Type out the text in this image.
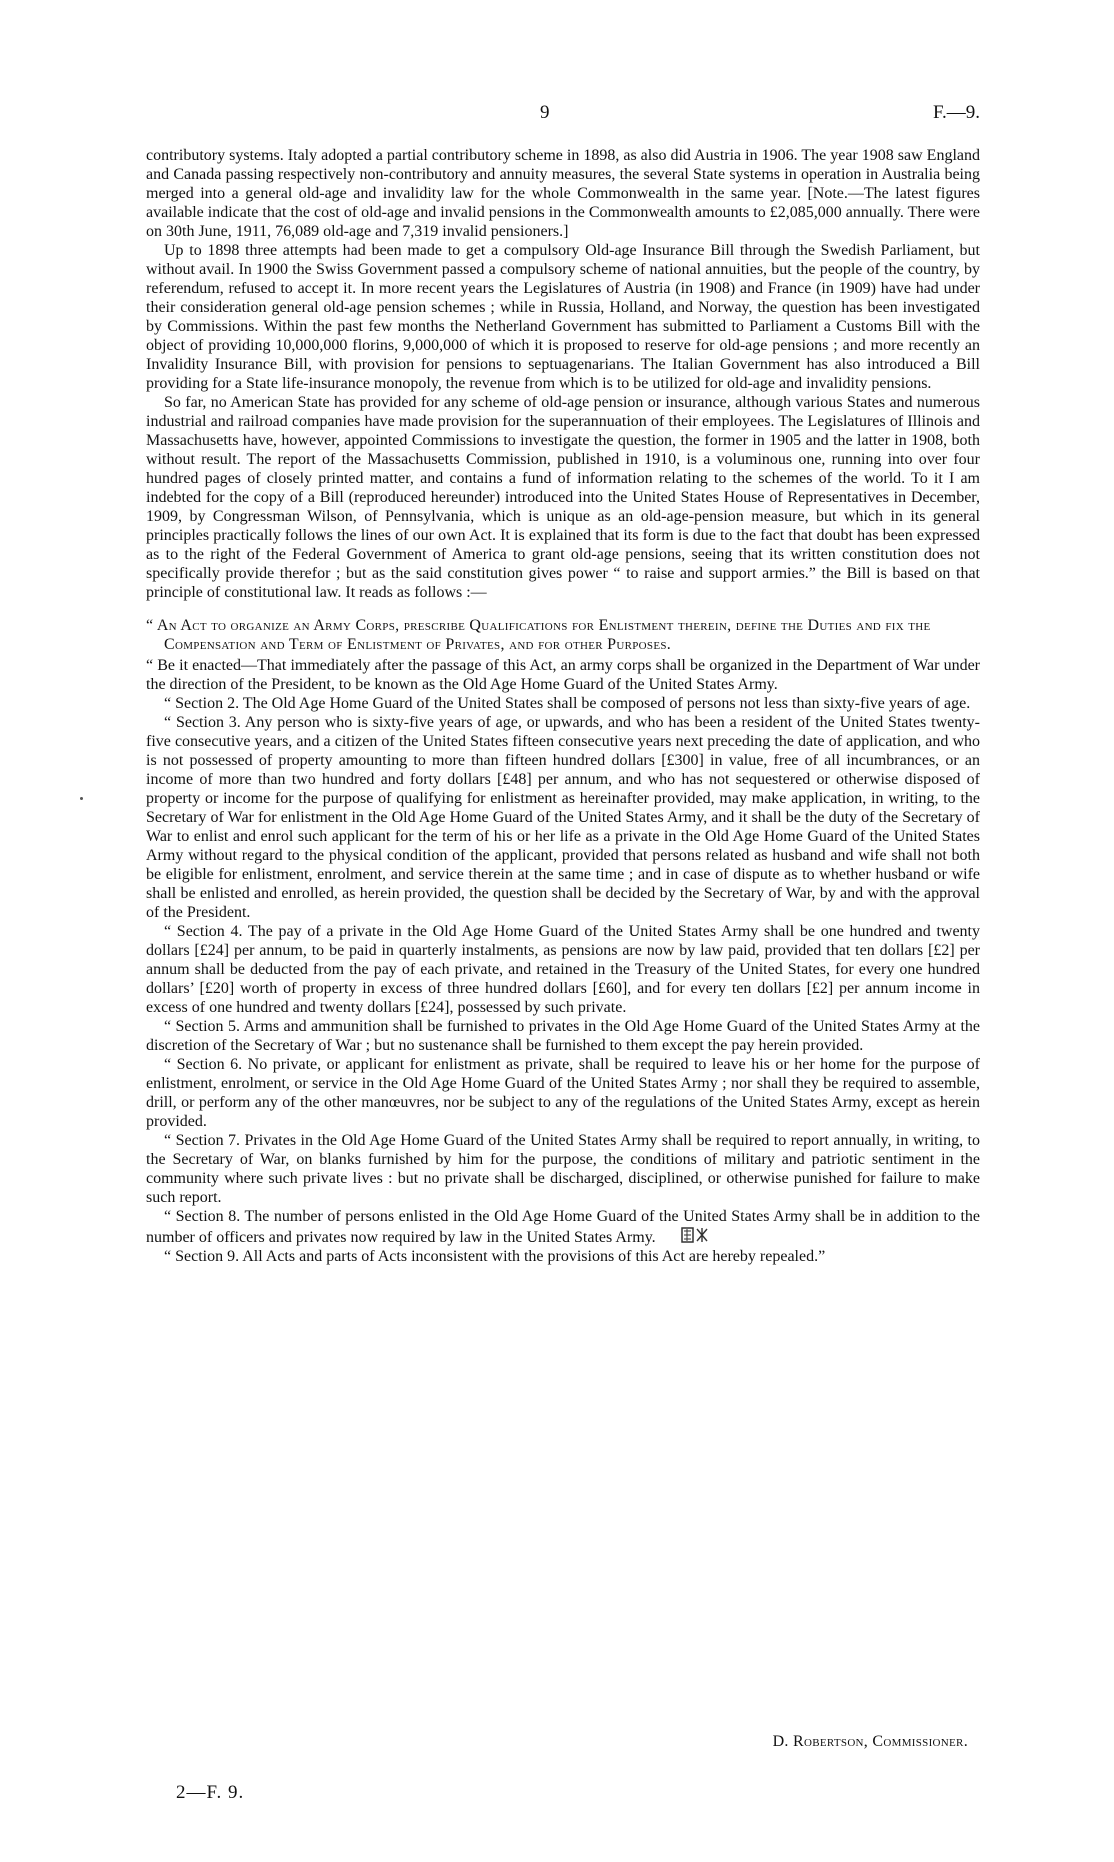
9	F.—9.

contributory systems. Italy adopted a partial contributory scheme in 1898, as also did Austria in 1906. The year 1908 saw England and Canada passing respectively non-contributory and annuity measures, the several State systems in operation in Australia being merged into a general old-age and invalidity law for the whole Commonwealth in the same year. [Note.—The latest figures available indicate that the cost of old-age and invalid pensions in the Commonwealth amounts to £2,085,000 annually. There were on 30th June, 1911, 76,089 old-age and 7,319 invalid pensioners.]

Up to 1898 three attempts had been made to get a compulsory Old-age Insurance Bill through the Swedish Parliament, but without avail. In 1900 the Swiss Government passed a compulsory scheme of national annuities, but the people of the country, by referendum, refused to accept it. In more recent years the Legislatures of Austria (in 1908) and France (in 1909) have had under their consideration general old-age pension schemes ; while in Russia, Holland, and Norway, the question has been investigated by Commissions. Within the past few months the Netherland Government has submitted to Parliament a Customs Bill with the object of providing 10,000,000 florins, 9,000,000 of which it is proposed to reserve for old-age pensions ; and more recently an Invalidity Insurance Bill, with provision for pensions to septuagenarians. The Italian Government has also introduced a Bill providing for a State life-insurance monopoly, the revenue from which is to be utilized for old-age and invalidity pensions.

So far, no American State has provided for any scheme of old-age pension or insurance, although various States and numerous industrial and railroad companies have made provision for the superannuation of their employees. The Legislatures of Illinois and Massachusetts have, however, appointed Commissions to investigate the question, the former in 1905 and the latter in 1908, both without result. The report of the Massachusetts Commission, published in 1910, is a voluminous one, running into over four hundred pages of closely printed matter, and contains a fund of information relating to the schemes of the world. To it I am indebted for the copy of a Bill (reproduced hereunder) introduced into the United States House of Representatives in December, 1909, by Congressman Wilson, of Pennsylvania, which is unique as an old-age-pension measure, but which in its general principles practically follows the lines of our own Act. It is explained that its form is due to the fact that doubt has been expressed as to the right of the Federal Government of America to grant old-age pensions, seeing that its written constitution does not specifically provide therefor ; but as the said constitution gives power “ to raise and support armies.” the Bill is based on that principle of constitutional law. It reads as follows :—

“ An Act to organize an Army Corps, prescribe Qualifications for Enlistment therein, define the Duties and fix the Compensation and Term of Enlistment of Privates, and for other Purposes.

“ Be it enacted—That immediately after the passage of this Act, an army corps shall be organized in the Department of War under the direction of the President, to be known as the Old Age Home Guard of the United States Army.

“ Section 2. The Old Age Home Guard of the United States shall be composed of persons not less than sixty-five years of age.

“ Section 3. Any person who is sixty-five years of age, or upwards, and who has been a resident of the United States twenty-five consecutive years, and a citizen of the United States fifteen consecutive years next preceding the date of application, and who is not possessed of property amounting to more than fifteen hundred dollars [£300] in value, free of all incumbrances, or an income of more than two hundred and forty dollars [£48] per annum, and who has not sequestered or otherwise disposed of property or income for the purpose of qualifying for enlistment as hereinafter provided, may make application, in writing, to the Secretary of War for enlistment in the Old Age Home Guard of the United States Army, and it shall be the duty of the Secretary of War to enlist and enrol such applicant for the term of his or her life as a private in the Old Age Home Guard of the United States Army without regard to the physical condition of the applicant, provided that persons related as husband and wife shall not both be eligible for enlistment, enrolment, and service therein at the same time ; and in case of dispute as to whether husband or wife shall be enlisted and enrolled, as herein provided, the question shall be decided by the Secretary of War, by and with the approval of the President.

“ Section 4. The pay of a private in the Old Age Home Guard of the United States Army shall be one hundred and twenty dollars [£24] per annum, to be paid in quarterly instalments, as pensions are now by law paid, provided that ten dollars [£2] per annum shall be deducted from the pay of each private, and retained in the Treasury of the United States, for every one hundred dollars’ [£20] worth of property in excess of three hundred dollars [£60], and for every ten dollars [£2] per annum income in excess of one hundred and twenty dollars [£24], possessed by such private.

“ Section 5. Arms and ammunition shall be furnished to privates in the Old Age Home Guard of the United States Army at the discretion of the Secretary of War ; but no sustenance shall be furnished to them except the pay herein provided.

“ Section 6. No private, or applicant for enlistment as private, shall be required to leave his or her home for the purpose of enlistment, enrolment, or service in the Old Age Home Guard of the United States Army ; nor shall they be required to assemble, drill, or perform any of the other manœuvres, nor be subject to any of the regulations of the United States Army, except as herein provided.

“ Section 7. Privates in the Old Age Home Guard of the United States Army shall be required to report annually, in writing, to the Secretary of War, on blanks furnished by him for the purpose, the conditions of military and patriotic sentiment in the community where such private lives : but no private shall be discharged, disciplined, or otherwise punished for failure to make such report.

“ Section 8. The number of persons enlisted in the Old Age Home Guard of the United States Army shall be in addition to the number of officers and privates now required by law in the United States Army.

“ Section 9. All Acts and parts of Acts inconsistent with the provisions of this Act are hereby repealed.”

D. Robertson, Commissioner.
2—F. 9.
